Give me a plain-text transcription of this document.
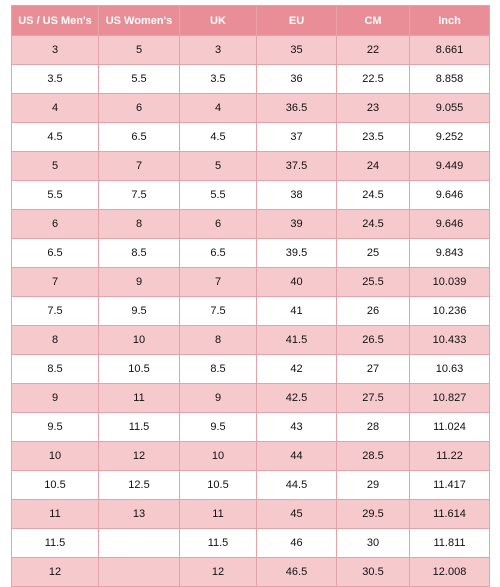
US / US Men's	US Women's	UK	EU	CM	Inch
3	5	3	35	22	8.661
3.5	5.5	3.5	36	22.5	8.858
4	6	4	36.5	23	9.055
4.5	6.5	4.5	37	23.5	9.252
5	7	5	37.5	24	9.449
5.5	7.5	5.5	38	24.5	9.646
6	8	6	39	24.5	9.646
6.5	8.5	6.5	39.5	25	9.843
7	9	7	40	25.5	10.039
7.5	9.5	7.5	41	26	10.236
8	10	8	41.5	26.5	10.433
8.5	10.5	8.5	42	27	10.63
9	11	9	42.5	27.5	10.827
9.5	11.5	9.5	43	28	11.024
10	12	10	44	28.5	11.22
10.5	12.5	10.5	44.5	29	11.417
11	13	11	45	29.5	11.614
11.5		11.5	46	30	11.811
12		12	46.5	30.5	12.008
